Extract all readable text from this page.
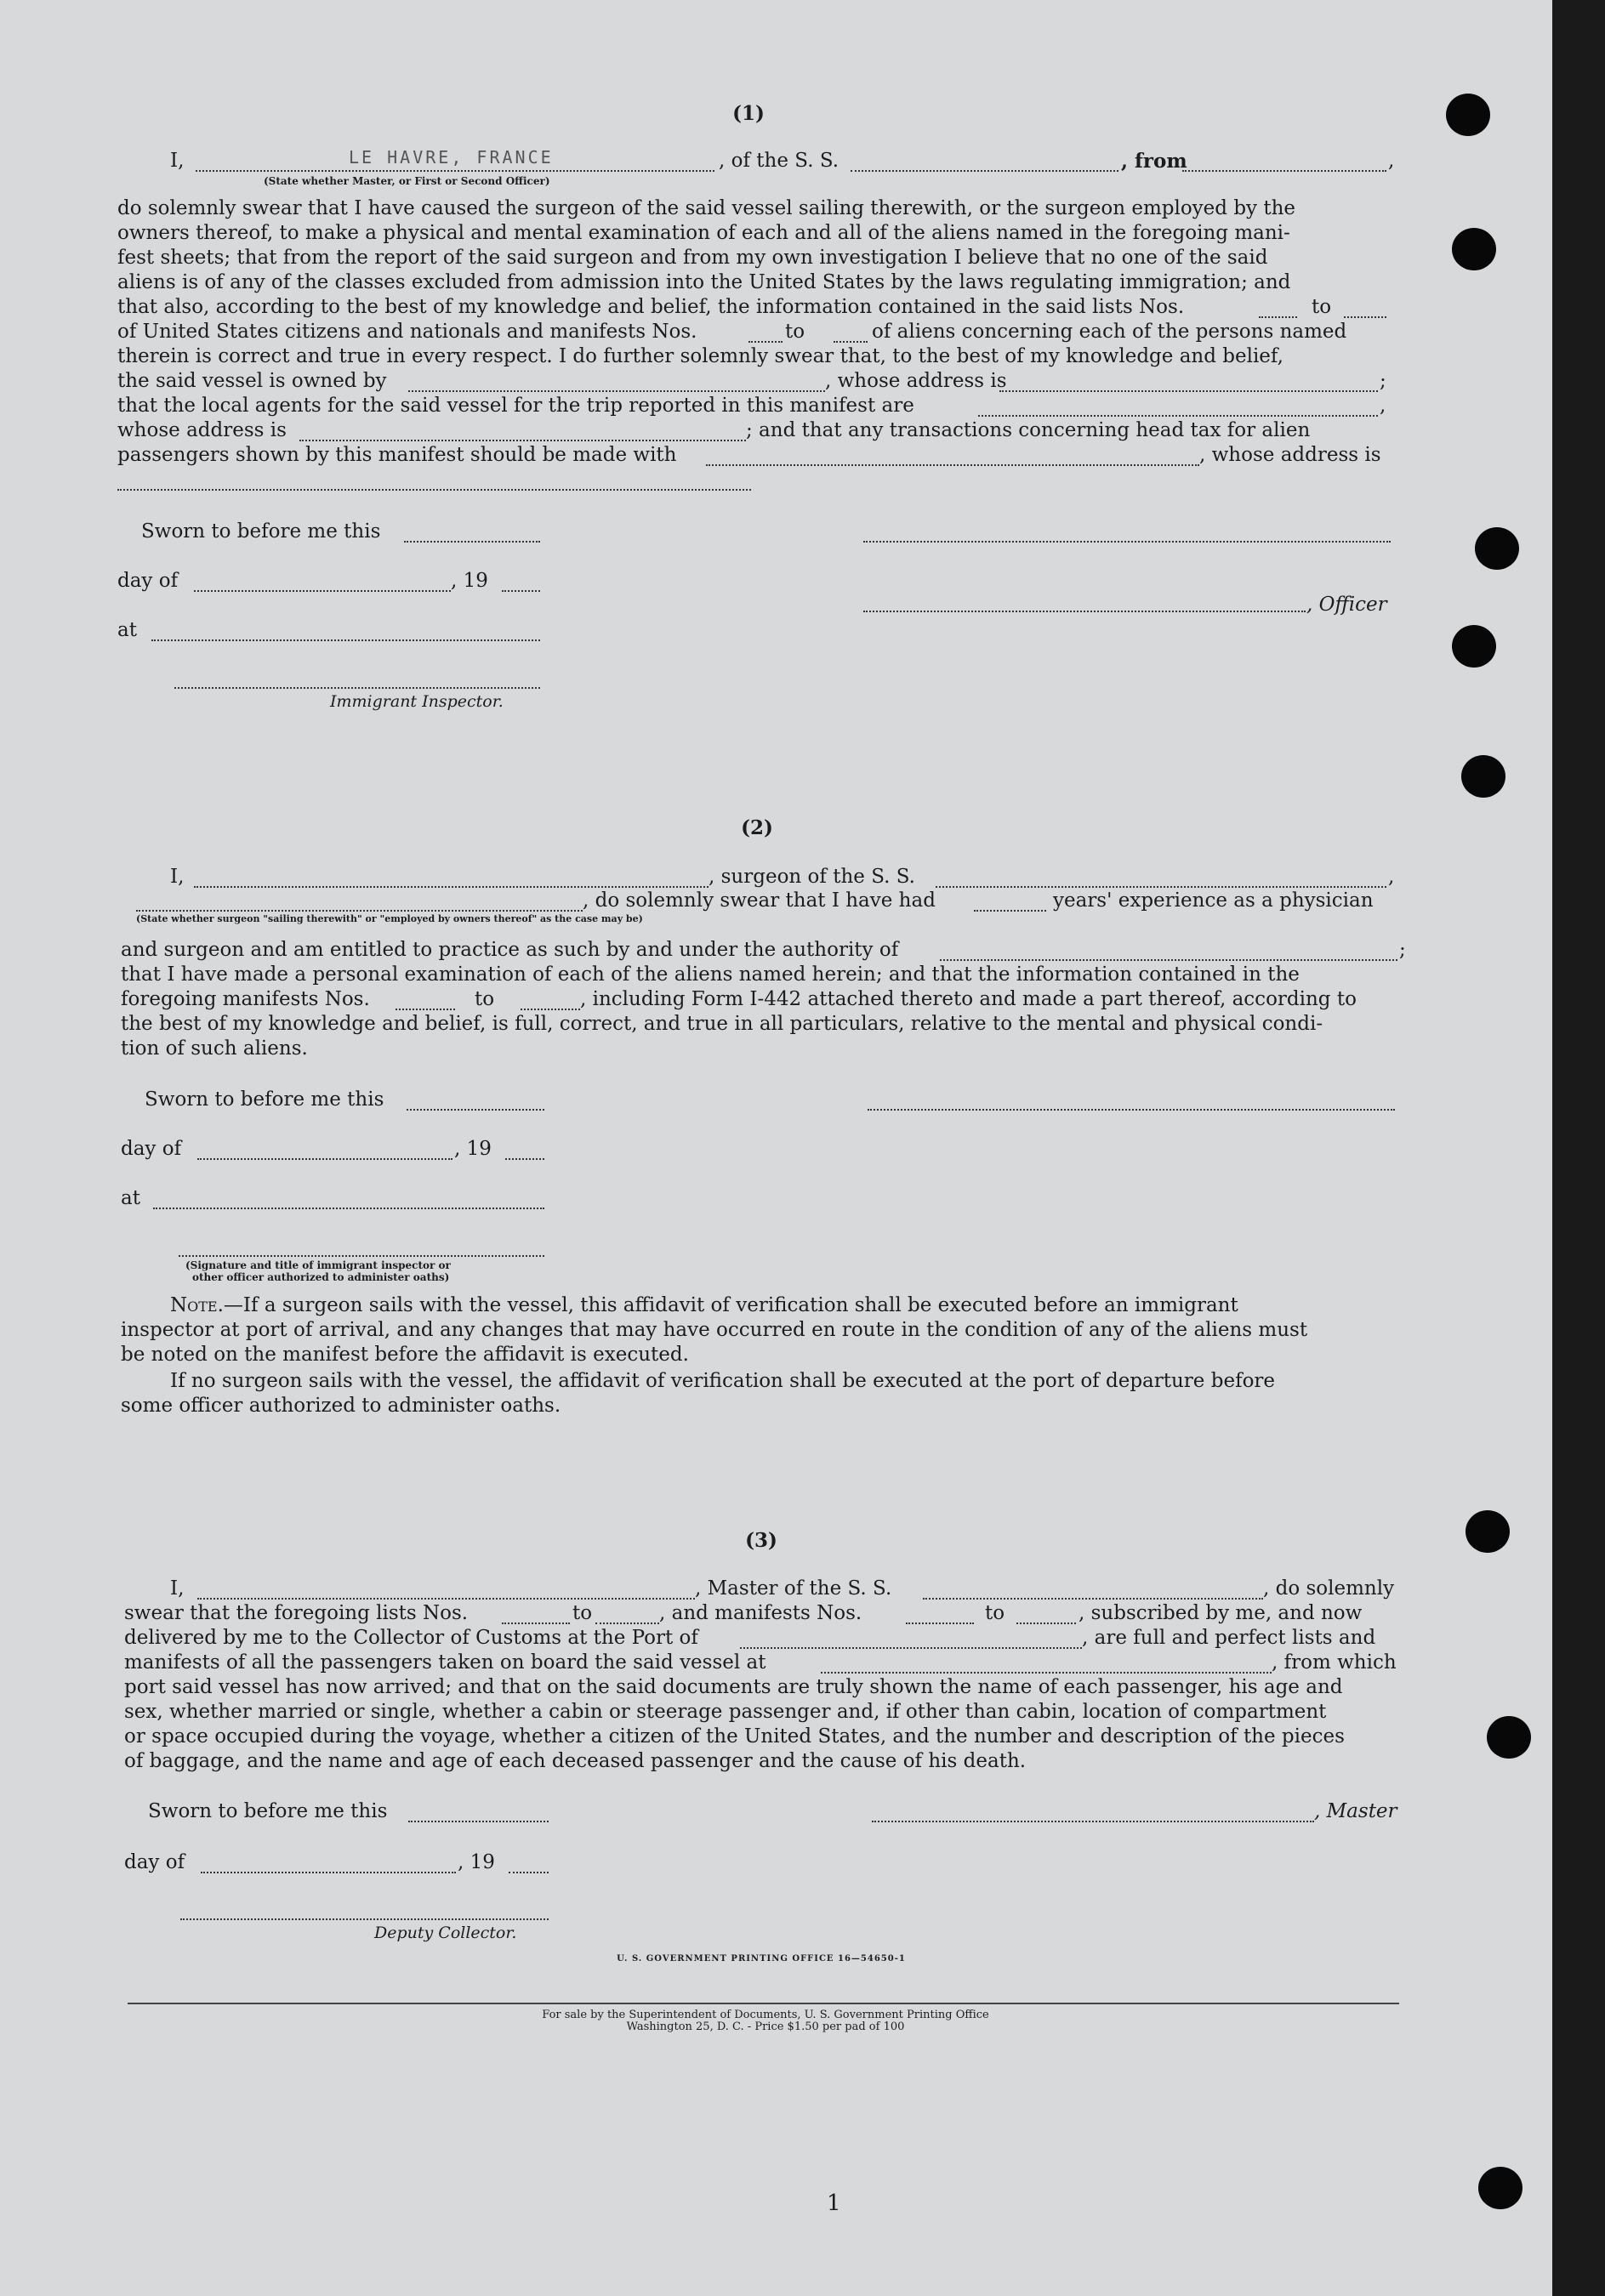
(1)
I,	LE HAVRE, FRANCE	, of the S. S.	, from	,
(State whether Master, or First or Second Officer)
do solemnly swear that I have caused the surgeon of the said vessel sailing therewith, or the surgeon employed by the
owners thereof, to make a physical and mental examination of each and all of the aliens named in the foregoing mani-
fest sheets; that from the report of the said surgeon and from my own investigation I believe that no one of the said
aliens is of any of the classes excluded from admission into the United States by the laws regulating immigration; and
that also, according to the best of my knowledge and belief, the information contained in the said lists Nos.	to
of United States citizens and nationals and manifests Nos.	to	of aliens concerning each of the persons named
therein is correct and true in every respect. I do further solemnly swear that, to the best of my knowledge and belief,
the said vessel is owned by	, whose address is	;
that the local agents for the said vessel for the trip reported in this manifest are	,
whose address is	; and that any transactions concerning head tax for alien
passengers shown by this manifest should be made with	, whose address is
Sworn to before me this
day of	, 19
, Officer
at
Immigrant Inspector.
(2)
I,	, surgeon of the S. S.	,
, do solemnly swear that I have had	years' experience as a physician
(State whether surgeon "sailing therewith" or "employed by owners thereof" as the case may be)
and surgeon and am entitled to practice as such by and under the authority of	;
that I have made a personal examination of each of the aliens named herein; and that the information contained in the
foregoing manifests Nos.	to	, including Form I-442 attached thereto and made a part thereof, according to
the best of my knowledge and belief, is full, correct, and true in all particulars, relative to the mental and physical condi-
tion of such aliens.
Sworn to before me this
day of	, 19
at
(Signature and title of immigrant inspector or
other officer authorized to administer oaths)
Note.—If a surgeon sails with the vessel, this affidavit of verification shall be executed before an immigrant
inspector at port of arrival, and any changes that may have occurred en route in the condition of any of the aliens must
be noted on the manifest before the affidavit is executed.
If no surgeon sails with the vessel, the affidavit of verification shall be executed at the port of departure before
some officer authorized to administer oaths.
(3)
I,	, Master of the S. S.	, do solemnly
swear that the foregoing lists Nos.	to	, and manifests Nos.	to	, subscribed by me, and now
delivered by me to the Collector of Customs at the Port of	, are full and perfect lists and
manifests of all the passengers taken on board the said vessel at	, from which
port said vessel has now arrived; and that on the said documents are truly shown the name of each passenger, his age and
sex, whether married or single, whether a cabin or steerage passenger and, if other than cabin, location of compartment
or space occupied during the voyage, whether a citizen of the United States, and the number and description of the pieces
of baggage, and the name and age of each deceased passenger and the cause of his death.
Sworn to before me this	, Master
day of	, 19
Deputy Collector.
U. S. GOVERNMENT PRINTING OFFICE 16—54650-1
For sale by the Superintendent of Documents, U. S. Government Printing Office
Washington 25, D. C. - Price $1.50 per pad of 100
1
